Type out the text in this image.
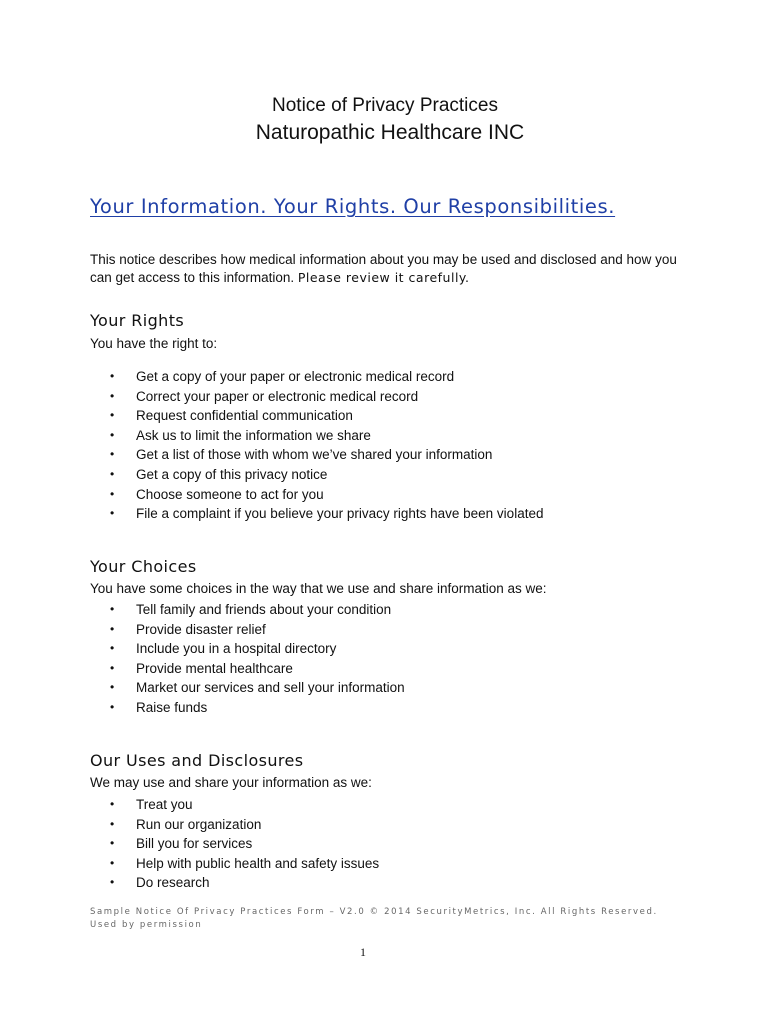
Notice of Privacy Practices
Naturopathic Healthcare INC
Your Information. Your Rights. Our Responsibilities.
This notice describes how medical information about you may be used and disclosed and how you can get access to this information. Please review it carefully.
Your Rights
You have the right to:
•	Get a copy of your paper or electronic medical record
•	Correct your paper or electronic medical record
•	Request confidential communication
•	Ask us to limit the information we share
•	Get a list of those with whom we’ve shared your information
•	Get a copy of this privacy notice
•	Choose someone to act for you
•	File a complaint if you believe your privacy rights have been violated
Your Choices
You have some choices in the way that we use and share information as we:
•	Tell family and friends about your condition
•	Provide disaster relief
•	Include you in a hospital directory
•	Provide mental healthcare
•	Market our services and sell your information
•	Raise funds
Our Uses and Disclosures
We may use and share your information as we:
•	Treat you
•	Run our organization
•	Bill you for services
•	Help with public health and safety issues
•	Do research
Sample Notice Of Privacy Practices Form – V2.0 © 2014 SecurityMetrics, Inc. All Rights Reserved. Used by permission
1
